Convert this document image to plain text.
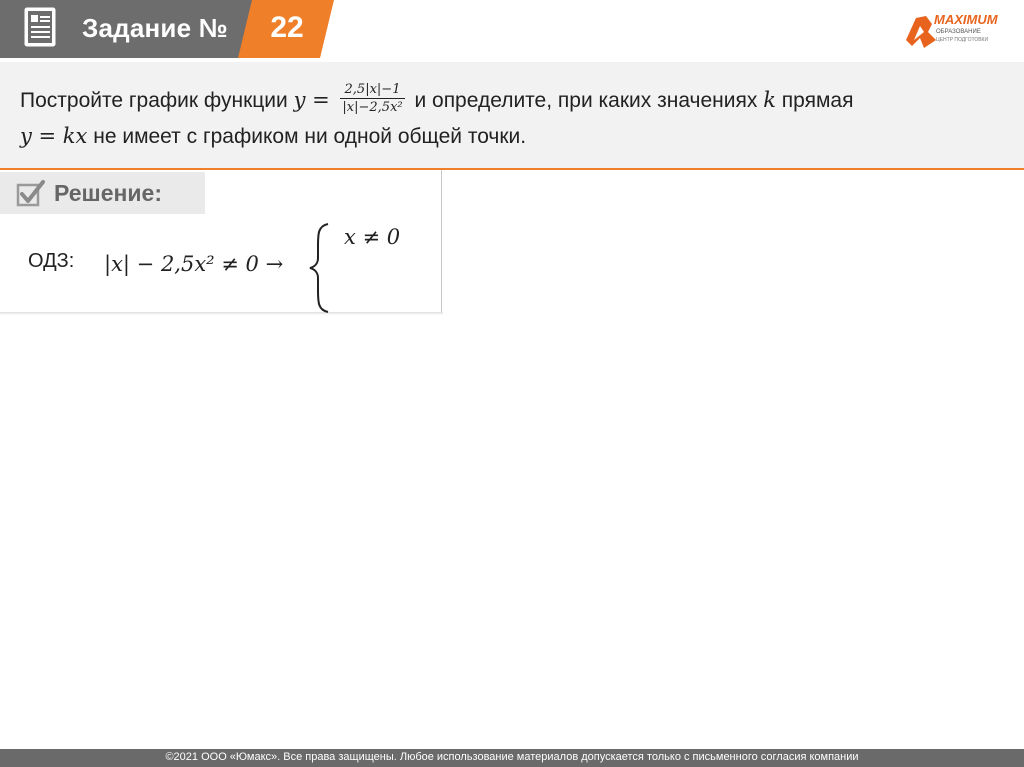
Задание № 22	MAXIMUM
ОБРАЗОВАНИЕ
ЦЕНТР ПОДГОТОВКИ
Постройте график функции $y = \frac{2,5|x|-1}{\text{|x|−2,5x²}}$ и определите, при каких значениях k прямая
y = kx не имеет с графиком ни одной общей точки.
Решение:
ОДЗ: |x| − 2,5x² ≠ 0 →
x ≠ 0
©2021 ООО «Юмакс». Все права защищены. Любое использование материалов допускается только с письменного согласия компании
